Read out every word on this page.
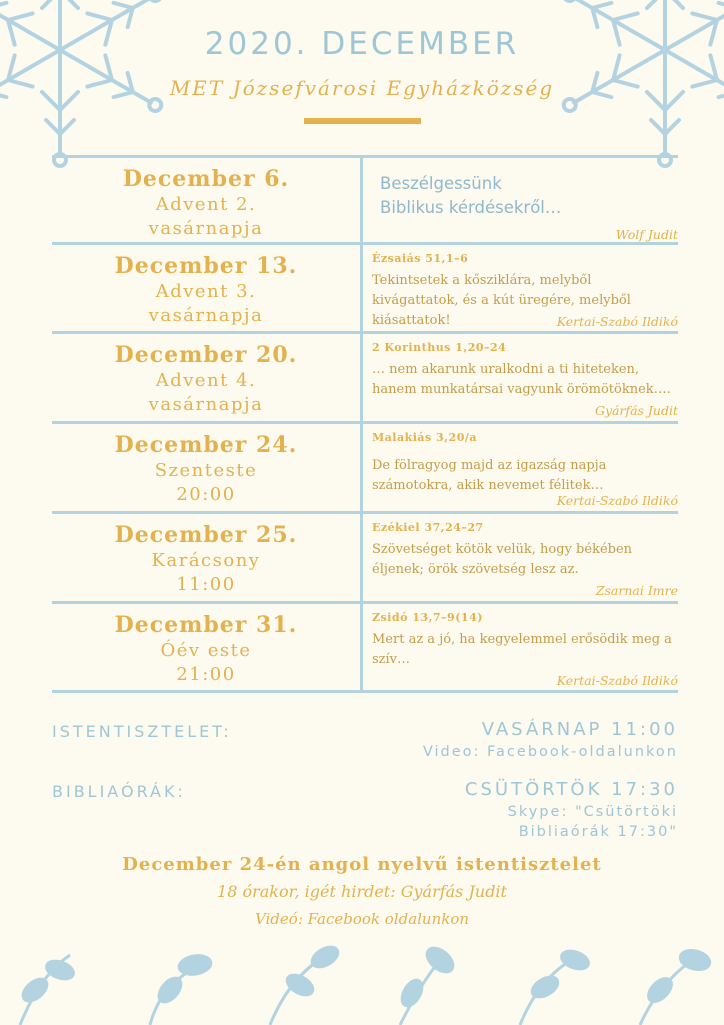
2020. DECEMBER
MET Józsefvárosi Egyházközség
December 6.
Advent 2.
vasárnapja
Beszélgessünk
Biblikus kérdésekről…
Wolf Judit
December 13.
Advent 3.
vasárnapja
Ézsaiás 51,1–6
Tekintsetek a kősziklára, melyből kivágattatok, és a kút üregére, melyből kiásattatok!	Kertai-Szabó Ildikó
December 20.
Advent 4.
vasárnapja
2 Korinthus 1,20–24
… nem akarunk uralkodni a ti hiteteken, hanem munkatársai vagyunk örömötöknek….
Gyárfás Judit
December 24.
Szenteste
20:00
Malakiás 3,20/a
De fölragyog majd az igazság napja számotokra, akik nevemet félitek…
Kertai-Szabó Ildikó
December 25.
Karácsony
11:00
Ezékiel 37,24–27
Szövetséget kötök velük, hogy békében éljenek; örök szövetség lesz az.
Zsarnai Imre
December 31.
Óév este
21:00
Zsidó 13,7–9(14)
Mert az a jó, ha kegyelemmel erősödik meg a szív…
Kertai-Szabó Ildikó
ISTENTISZTELET:	VASÁRNAP 11:00
Video: Facebook-oldalunkon
BIBLIAÓRÁK:	CSÜTÖRTÖK 17:30
Skype: "Csütörtöki
Bibliaórák 17:30"
December 24-én angol nyelvű istentisztelet
18 órakor, igét hirdet: Gyárfás Judit
Videó: Facebook oldalunkon
